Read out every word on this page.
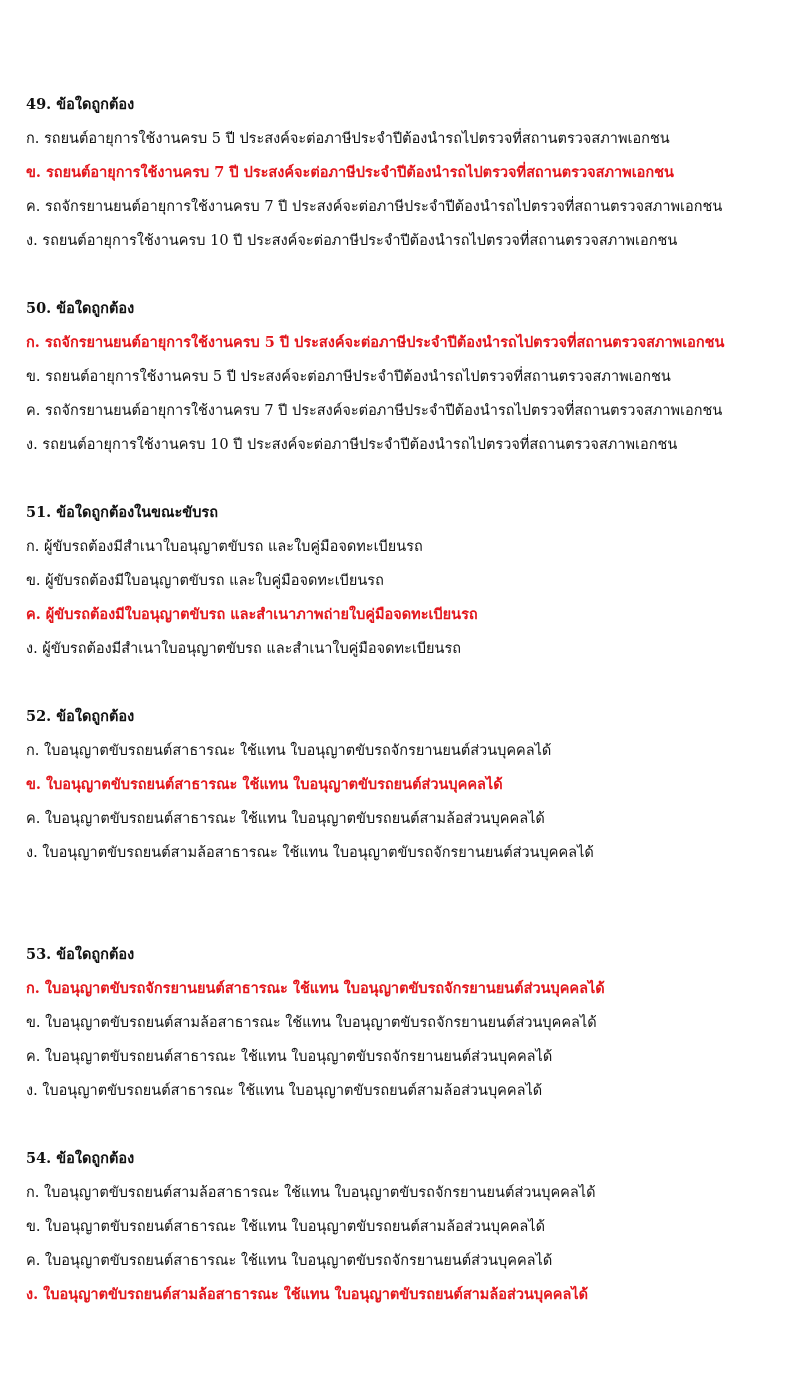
49. ข้อใดถูกต้อง
ก. รถยนต์อายุการใช้งานครบ 5 ปี ประสงค์จะต่อภาษีประจำปีต้องนำรถไปตรวจที่สถานตรวจสภาพเอกชน
ข. รถยนต์อายุการใช้งานครบ 7 ปี ประสงค์จะต่อภาษีประจำปีต้องนำรถไปตรวจที่สถานตรวจสภาพเอกชน
ค. รถจักรยานยนต์อายุการใช้งานครบ 7 ปี ประสงค์จะต่อภาษีประจำปีต้องนำรถไปตรวจที่สถานตรวจสภาพเอกชน
ง. รถยนต์อายุการใช้งานครบ 10 ปี ประสงค์จะต่อภาษีประจำปีต้องนำรถไปตรวจที่สถานตรวจสภาพเอกชน
50. ข้อใดถูกต้อง
ก. รถจักรยานยนต์อายุการใช้งานครบ 5 ปี ประสงค์จะต่อภาษีประจำปีต้องนำรถไปตรวจที่สถานตรวจสภาพเอกชน
ข. รถยนต์อายุการใช้งานครบ 5 ปี ประสงค์จะต่อภาษีประจำปีต้องนำรถไปตรวจที่สถานตรวจสภาพเอกชน
ค. รถจักรยานยนต์อายุการใช้งานครบ 7 ปี ประสงค์จะต่อภาษีประจำปีต้องนำรถไปตรวจที่สถานตรวจสภาพเอกชน
ง. รถยนต์อายุการใช้งานครบ 10 ปี ประสงค์จะต่อภาษีประจำปีต้องนำรถไปตรวจที่สถานตรวจสภาพเอกชน
51. ข้อใดถูกต้องในขณะขับรถ
ก. ผู้ขับรถต้องมีสำเนาใบอนุญาตขับรถ และใบคู่มือจดทะเบียนรถ
ข. ผู้ขับรถต้องมีใบอนุญาตขับรถ และใบคู่มือจดทะเบียนรถ
ค. ผู้ขับรถต้องมีใบอนุญาตขับรถ และสำเนาภาพถ่ายใบคู่มือจดทะเบียนรถ
ง. ผู้ขับรถต้องมีสำเนาใบอนุญาตขับรถ และสำเนาใบคู่มือจดทะเบียนรถ
52. ข้อใดถูกต้อง
ก. ใบอนุญาตขับรถยนต์สาธารณะ ใช้แทน ใบอนุญาตขับรถจักรยานยนต์ส่วนบุคคลได้
ข. ใบอนุญาตขับรถยนต์สาธารณะ ใช้แทน ใบอนุญาตขับรถยนต์ส่วนบุคคลได้
ค. ใบอนุญาตขับรถยนต์สาธารณะ ใช้แทน ใบอนุญาตขับรถยนต์สามล้อส่วนบุคคลได้
ง. ใบอนุญาตขับรถยนต์สามล้อสาธารณะ ใช้แทน ใบอนุญาตขับรถจักรยานยนต์ส่วนบุคคลได้
53. ข้อใดถูกต้อง
ก. ใบอนุญาตขับรถจักรยานยนต์สาธารณะ ใช้แทน ใบอนุญาตขับรถจักรยานยนต์ส่วนบุคคลได้
ข. ใบอนุญาตขับรถยนต์สามล้อสาธารณะ ใช้แทน ใบอนุญาตขับรถจักรยานยนต์ส่วนบุคคลได้
ค. ใบอนุญาตขับรถยนต์สาธารณะ ใช้แทน ใบอนุญาตขับรถจักรยานยนต์ส่วนบุคคลได้
ง. ใบอนุญาตขับรถยนต์สาธารณะ ใช้แทน ใบอนุญาตขับรถยนต์สามล้อส่วนบุคคลได้
54. ข้อใดถูกต้อง
ก. ใบอนุญาตขับรถยนต์สามล้อสาธารณะ ใช้แทน ใบอนุญาตขับรถจักรยานยนต์ส่วนบุคคลได้
ข. ใบอนุญาตขับรถยนต์สาธารณะ ใช้แทน ใบอนุญาตขับรถยนต์สามล้อส่วนบุคคลได้
ค. ใบอนุญาตขับรถยนต์สาธารณะ ใช้แทน ใบอนุญาตขับรถจักรยานยนต์ส่วนบุคคลได้
ง. ใบอนุญาตขับรถยนต์สามล้อสาธารณะ ใช้แทน ใบอนุญาตขับรถยนต์สามล้อส่วนบุคคลได้
